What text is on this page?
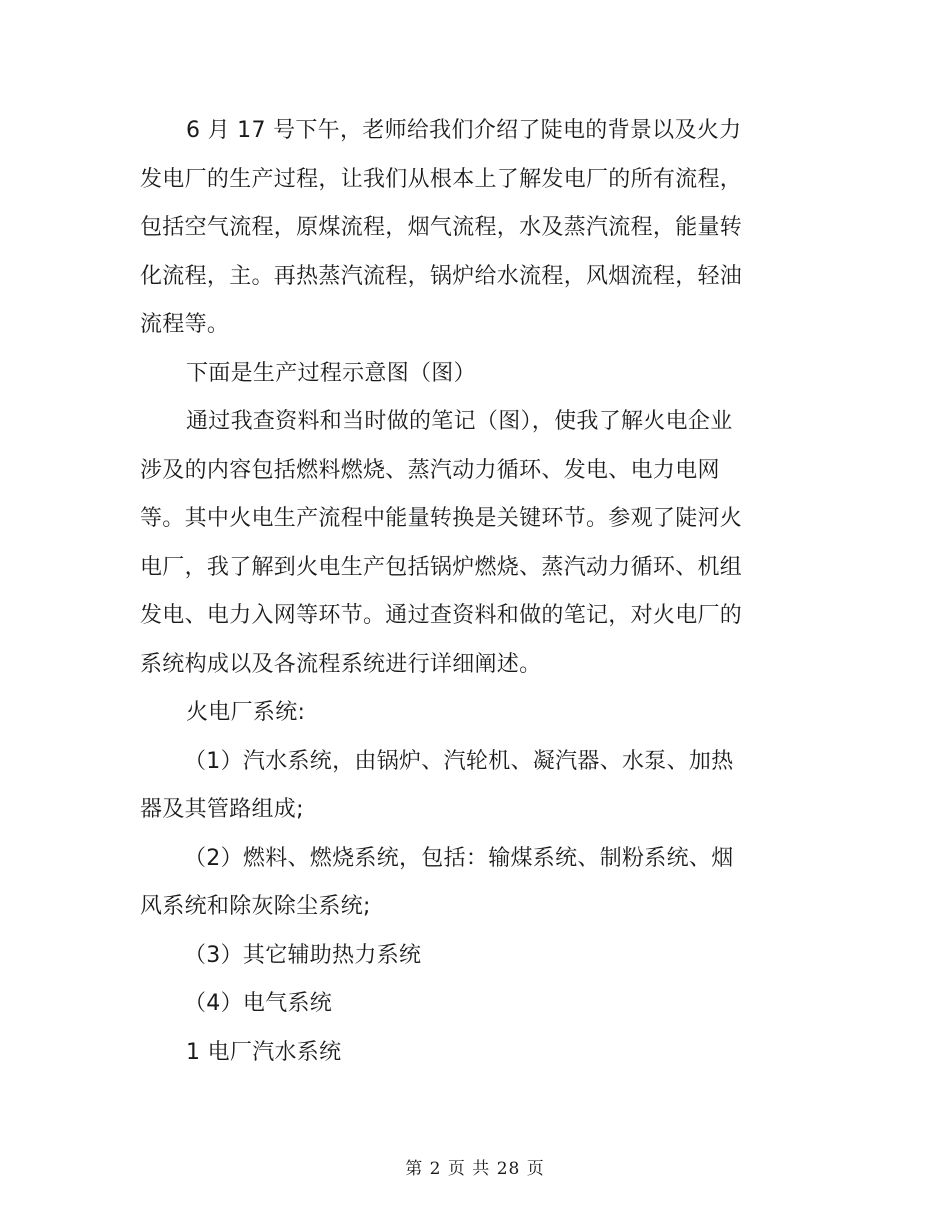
6 月 17 号下午，老师给我们介绍了陡电的背景以及火力
发电厂的生产过程，让我们从根本上了解发电厂的所有流程，
包括空气流程，原煤流程，烟气流程，水及蒸汽流程，能量转
化流程，主。再热蒸汽流程，锅炉给水流程，风烟流程，轻油
流程等。
下面是生产过程示意图（图）
通过我查资料和当时做的笔记（图），使我了解火电企业
涉及的内容包括燃料燃烧、蒸汽动力循环、发电、电力电网
等。其中火电生产流程中能量转换是关键环节。参观了陡河火
电厂，我了解到火电生产包括锅炉燃烧、蒸汽动力循环、机组
发电、电力入网等环节。通过查资料和做的笔记，对火电厂的
系统构成以及各流程系统进行详细阐述。
火电厂系统:
（1）汽水系统，由锅炉、汽轮机、凝汽器、水泵、加热
器及其管路组成;
（2）燃料、燃烧系统，包括：输煤系统、制粉系统、烟
风系统和除灰除尘系统;
（3）其它辅助热力系统
（4）电气系统
1 电厂汽水系统
第 2 页 共 28 页
